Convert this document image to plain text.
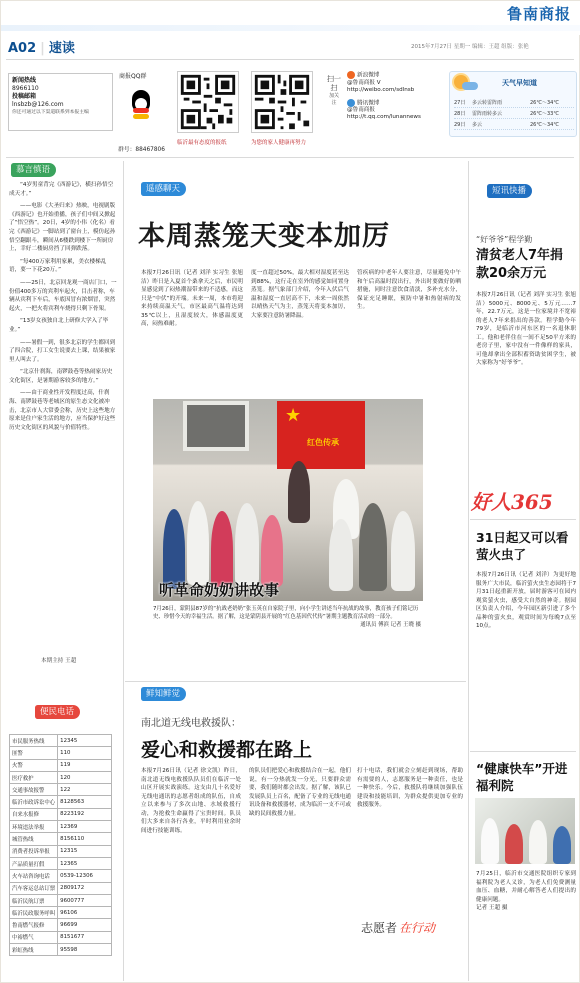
鲁南商报
A02 | 速读	2015年7月27日 星期一 编辑：王超 组版：张艳
新闻热线
8966110
投稿邮箱
lnsbzb@126.com
你还可通过以下渠道联系到本报主编
商报QQ群
群号：88467806
临沂最有态度的报纸	为您的家人健康再努力
扫一扫
加关注
新浪微博
@鲁南商报 V
http://weibo.com/sdlnsb
腾讯微博
@鲁南商报
http://t.qq.com/lunannews
天气早知道
27日 多云转雷阵雨	26℃～34℃
28日 雷阵雨转多云	26℃～33℃
29日 多云	26℃～34℃
慕言慎语
遥感聊天	短讯快播

“4岁男童背完《西游记》，横扫孙悟空成天才。”

——电影《大圣归来》热映，电视剧版《西游记》也开始重播，孩子们中间又掀起了“悟空热”。20日，4岁的小伟（化名）看完《西游记》一脚站到了窗台上，模仿起孙悟空翻跟斗，瞬间从6楼跌到楼下一所厨房上，幸好二楼厨房挡了回弹跌落。

“每400万家利用家累，美衣楼梯乱语，要一下花20万。”

——25日，北京回龙观一商店门口，一份值400多万的宾利车起火，目击者称，车辆从宾利下车后，车底因冒有浓烟冒，突然起火，一把火将宾利车烧得只剩下骨架。

“13岁女孩独自北上研修大学入了毕业。”

——暑假一到，很多北京的学生都回到了四合院，打工女生说要去上课，结果被家里人叫去了。

“北京什刹海，南锣鼓巷等热闹家历史文化街区，是暑期游客较多的地方。”

——由于商业性开发程度过高，什刹海、南锣鼓巷等老城区的原生态文化被冲击，北京市人大常委会称，历史上这些地方原来是住户家生活的地方，应当保护好这些历史文化街区的风貌与价值特性。

本期主持 王超
本周蒸笼天变本加厉
本报7月26日讯（记者 刘洋 实习生 张旭洁）昨日是入夏首个桑拿天之后，市民明显感觉到了闷热潮湿带来的不适感，而这只是“中伏”的开端。未来一周，本市将迎来持续高温天气，市区最高气温将达到35℃以上，且湿度较大，体感温度更高，闷热难耐。
度一直超过50%，最大相对湿度甚至达到88%，这行走在室外的感觉如同置身蒸笼。据气象部门介绍，今年入伏后气温和湿度一直居高不下，未来一周依然以晴热天气为主，蒸笼天将变本加厉，大家要注意防暑降温。
管疾病的中老年人要注意，尽量避免中午和午后高温时段出行，外出时要做好防晒措施，同时注意饮食清淡，多补充水分，保证充足睡眠，预防中暑和热射病的发生。
★
红色传承
听革命奶奶讲故事
7月26日，蒙阴县87岁的“抗战老奶奶”张玉英在自家院子里，向小学生讲述当年抗战的故事，教育孩子们铭记历史、珍惜今天的幸福生活。据了解，这是蒙阴县开展的“红色基因代代传”暑期主题教育活动的一部分。
通讯员 傅滨 记者 王晓 摄
鲜知鲜觉
便民电话
南北道无线电救援队：
爱心和救援都在路上
本报7月26日讯（记者 徐文凯）昨日，南北道无线电救援队队员们在临沂一处山区开展实战演练。这支由几十名爱好无线电通讯的志愿者组成的队伍，自成立以来参与了多次山地、水域救援行动，为抢救生命赢得了宝贵时间。队员们大多来自各行各业，平时利用业余时间进行技能训练。
的队员们把爱心和救援结合在一起，他们说，有一分热就发一分光，只要群众需要，我们随时都会出发。据了解，该队已发展队员上百名，配备了专业的无线电通讯设备和救援器材，成为临沂一支不可或缺的民间救援力量。
打十电话，我们就会立刻赶到现场，帮助有需要的人，志愿服务是一种责任，也是一种快乐。今后，救援队将继续加强队伍建设和技能培训，为群众提供更加专业的救援服务。
志愿者 在行动
市民服务热线	12345
匪警	110
火警	119
医疗救护	120
交通事故报警	122
临沂市政诉讼中心	8128563
自来水报修	8223192
环境违法举报	12369
城管热线	8156110
消费者投诉举报	12315
产品质量打假	12365
火车站咨询电话	0539-12306
汽车客运总站订票	2809172
临沂民航订票	9600777
临沂民政服务呼叫	96106
鲁南燃气报修	96699
中裕燃气	8151677
彩虹热线	95598
“好爷爷”程学勤
清贫老人7年捐款20余万元
本报7月26日讯（记者 刘洋 实习生 张旭洁）5000元、8000元、5万元……7年，22.7万元，这是一位家境并不宽裕的老人7年来捐出的善款。程学勤今年79岁，是临沂市河东区的一名退休职工。他和老伴住在一间不足50平方米的老房子里，家中没有一件像样的家具，可他却拿出全部积蓄资助贫困学生，被大家称为“好爷爷”。
好人365
31日起又可以看萤火虫了
本报7月26日讯（记者 刘洋）为更好地服务广大市民，临沂萤火虫生态园将于7月31日起重新开放，届时游客可在园内观赏萤火虫，感受大自然的神奇。据园区负责人介绍，今年园区新引进了多个品种的萤火虫，观赏时间为每晚7点至10点。
“健康快车”开进福利院
7月25日，临沂市交通医院组织专家到福利院为老人义诊，为老人们免费测量血压、血糖，并耐心解答老人们提出的健康问题。
记者 王超 摄
